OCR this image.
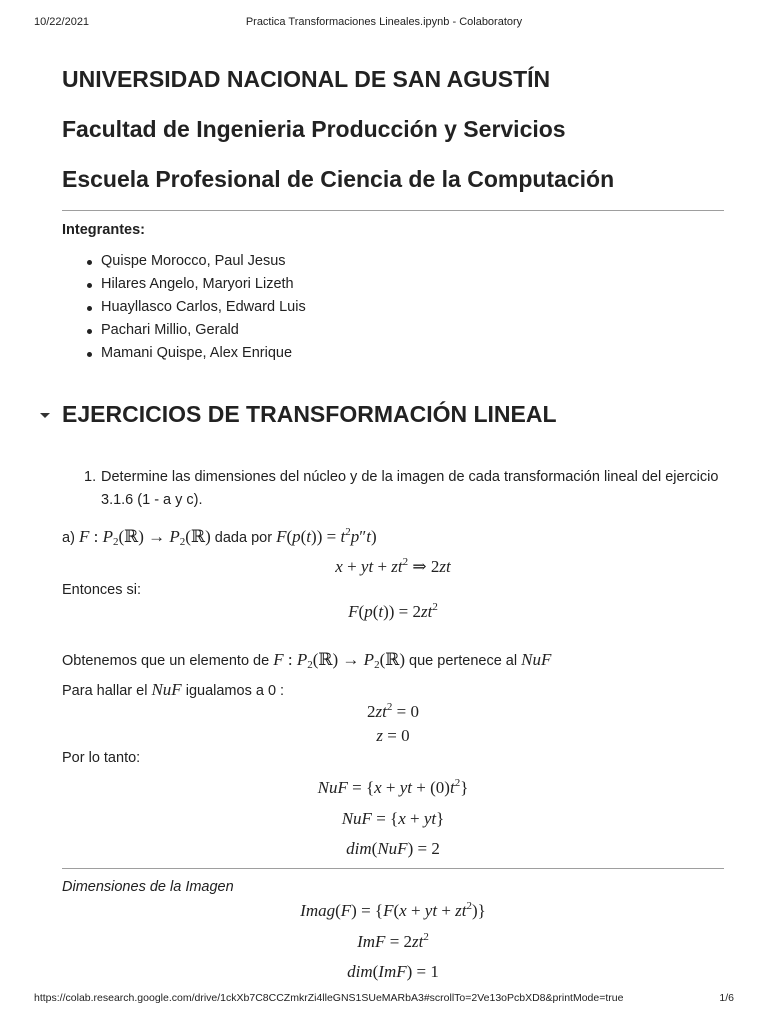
10/22/2021	Practica Transformaciones Lineales.ipynb - Colaboratory
UNIVERSIDAD NACIONAL DE SAN AGUSTÍN
Facultad de Ingenieria Producción y Servicios
Escuela Profesional de Ciencia de la Computación
Integrantes:
Quispe Morocco, Paul Jesus
Hilares Angelo, Maryori Lizeth
Huayllasco Carlos, Edward Luis
Pachari Millio, Gerald
Mamani Quispe, Alex Enrique
EJERCICIOS DE TRANSFORMACIÓN LINEAL
1. Determine las dimensiones del núcleo y de la imagen de cada transformación lineal del ejercicio 3.1.6 (1 - a y c).
a) F : $P_2(ℝ)$ → $P_2(ℝ)$ dada por $F(p(t)) = t^2p''t$)
x + yt + $zt^2$ ⇒ 2zt
Entonces si:
$F(p(t)) = 2zt^2$
Obtenemos que un elemento de F : $P_2(ℝ)$ → $P_2(ℝ)$ que pertenece al NuF
Para hallar el NuF igualamos a 0 :
$2zt^2 = 0$
z = 0
Por lo tanto:
NuF = {x + yt + $(0)t^2$}
NuF = {x + yt}
dim(NuF) = 2
Dimensiones de la Imagen
Imag(F) = {F(x + yt + $zt^2$)}
ImF = $2zt^2$
dim(ImF) = 1
https://colab.research.google.com/drive/1ckXb7C8CCZmkrZi4lleGNS1SUeMARbA3#scrollTo=2Ve13oPcbXD8&printMode=true	1/6
